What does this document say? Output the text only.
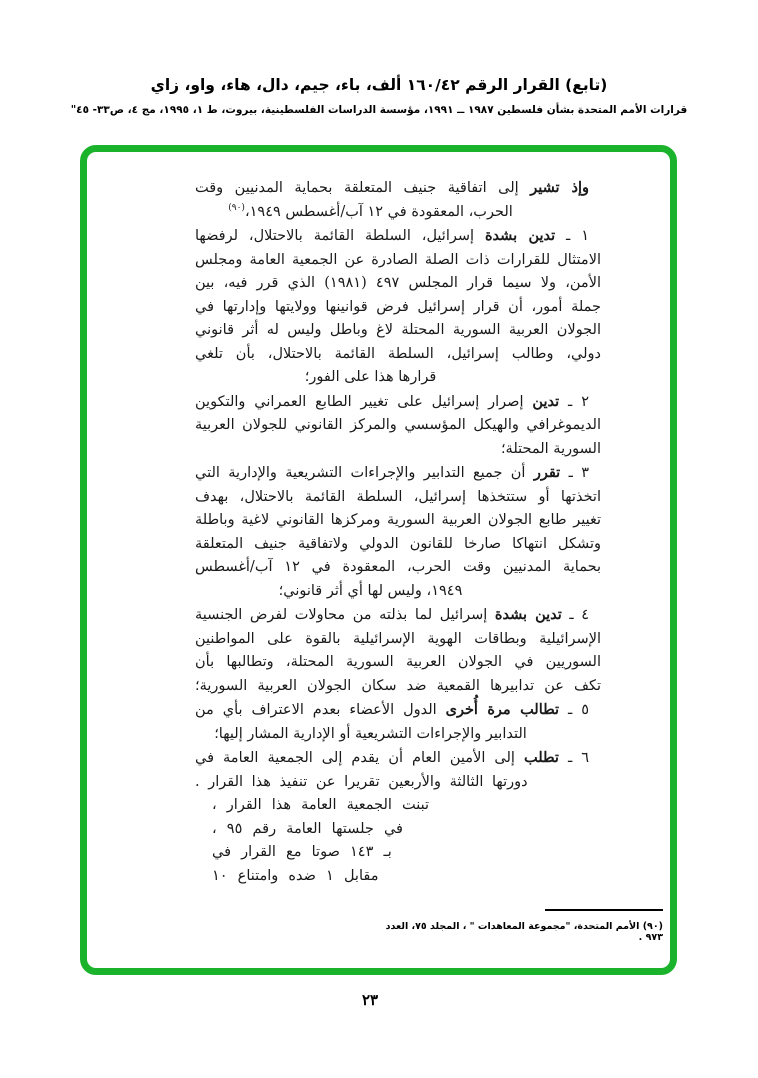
(تابع) القرار الرقم ١٦٠/٤٢ ألف، باء، جيم، دال، هاء، واو، زاي
قرارات الأمم المتحدة بشأن فلسطين ١٩٨٧ ــ ١٩٩١، مؤسسة الدراسات الفلسطينية، بيروت، ط ١، ١٩٩٥، مج ٤، ص٣٣- ٤٥"
وإذ تشير إلى اتفاقية جنيف المتعلقة بحماية المدنيين وقت
الحرب، المعقودة في ١٢ آب/أغسطس ١٩٤٩،$^{(٩٠)}$
١ ـ تدين بشدة إسرائيل، السلطة القائمة بالاحتلال، لرفضها
الامتثال للقرارات ذات الصلة الصادرة عن الجمعية العامة ومجلس
الأمن، ولا سيما قرار المجلس ٤٩٧ (١٩٨١) الذي قرر فيه، بين
جملة أمور، أن قرار إسرائيل فرض قوانينها وولايتها وإدارتها في
الجولان العربية السورية المحتلة لاغ وباطل وليس له أثر قانوني
دولي، وطالب إسرائيل، السلطة القائمة بالاحتلال، بأن تلغي
قرارها هذا على الفور؛
٢ ـ تدين إصرار إسرائيل على تغيير الطابع العمراني والتكوين
الديموغرافي والهيكل المؤسسي والمركز القانوني للجولان العربية
السورية المحتلة؛
٣ ـ تقرر أن جميع التدابير والإجراءات التشريعية والإدارية التي
اتخذتها أو ستتخذها إسرائيل، السلطة القائمة بالاحتلال، بهدف
تغيير طابع الجولان العربية السورية ومركزها القانوني لاغية وباطلة
وتشكل انتهاكا صارخا للقانون الدولي ولاتفاقية جنيف المتعلقة
بحماية المدنيين وقت الحرب، المعقودة في ١٢ آب/أغسطس
١٩٤٩، وليس لها أي أثر قانوني؛
٤ ـ تدين بشدة إسرائيل لما بذلته من محاولات لفرض الجنسية
الإسرائيلية وبطاقات الهوية الإسرائيلية بالقوة على المواطنين
السوريين في الجولان العربية السورية المحتلة، وتطالبها بأن
تكف عن تدابيرها القمعية ضد سكان الجولان العربية السورية؛
٥ ـ تطالب مرة أُخرى الدول الأعضاء بعدم الاعتراف بأي من
التدابير والإجراءات التشريعية أو الإدارية المشار إليها؛
٦ ـ تطلب إلى الأمين العام أن يقدم إلى الجمعية العامة في
دورتها الثالثة والأربعين تقريرا عن تنفيذ هذا القرار .
تبنت الجمعية العامة هذا القرار ،
في جلستها العامة رقم ٩٥ ،
بـ ١٤٣ صوتا مع القرار في
مقابل ١ ضده وامتناع ١٠
(٩٠) الأمم المتحدة، "مجموعة المعاهدات " ، المجلد ٧٥، العدد ٩٧٣ .
٢٣
